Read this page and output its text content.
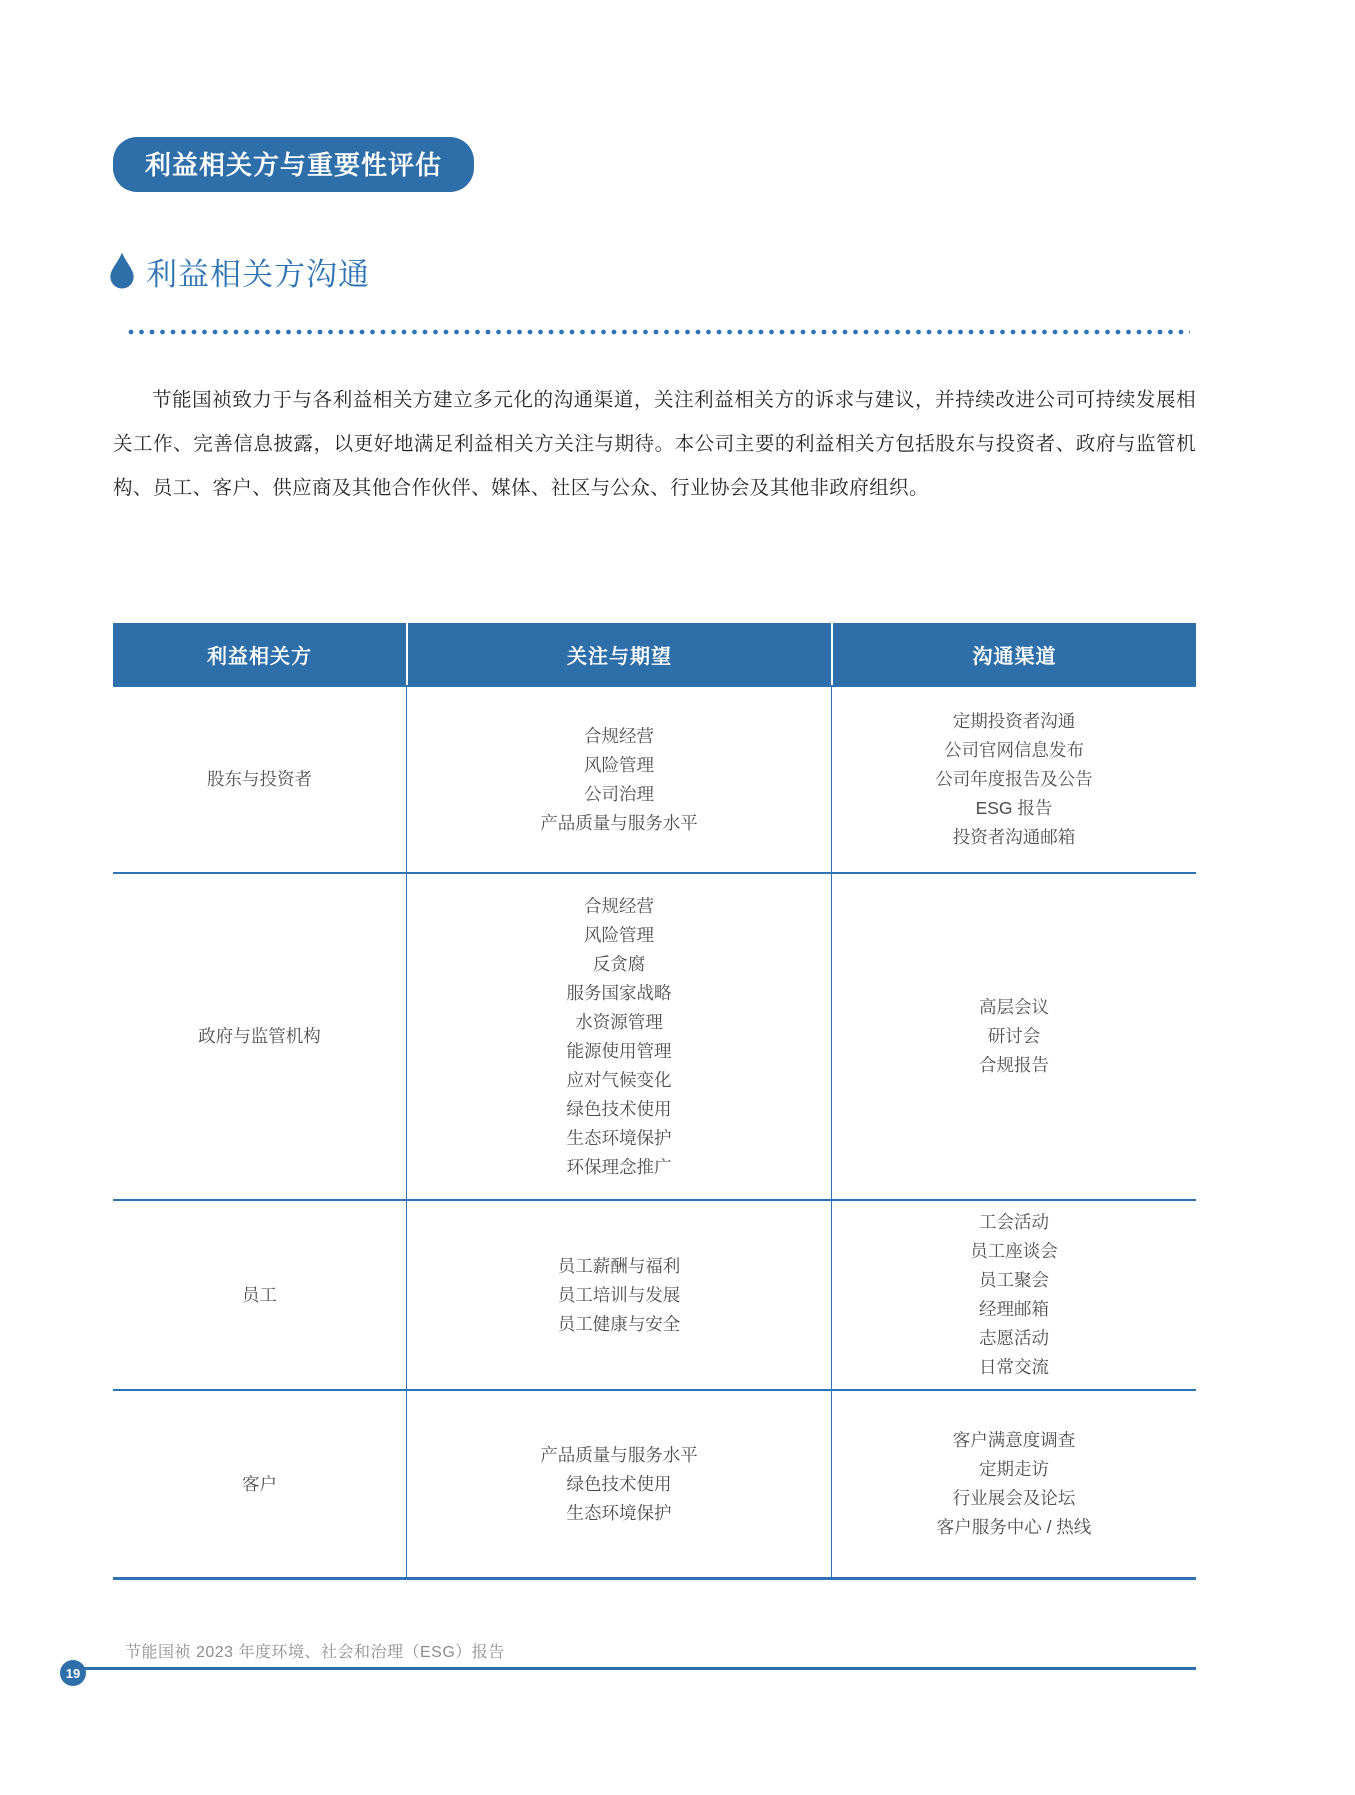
利益相关方与重要性评估
利益相关方沟通
节能国祯致力于与各利益相关方建立多元化的沟通渠道，关注利益相关方的诉求与建议，并持续改进公司可持续发展相关工作、完善信息披露，以更好地满足利益相关方关注与期待。本公司主要的利益相关方包括股东与投资者、政府与监管机构、员工、客户、供应商及其他合作伙伴、媒体、社区与公众、行业协会及其他非政府组织。
利益相关方	关注与期望	沟通渠道
股东与投资者
合规经营
风险管理
公司治理
产品质量与服务水平
定期投资者沟通
公司官网信息发布
公司年度报告及公告
ESG 报告
投资者沟通邮箱
政府与监管机构
合规经营
风险管理
反贪腐
服务国家战略
水资源管理
能源使用管理
应对气候变化
绿色技术使用
生态环境保护
环保理念推广
高层会议
研讨会
合规报告
员工
员工薪酬与福利
员工培训与发展
员工健康与安全
工会活动
员工座谈会
员工聚会
经理邮箱
志愿活动
日常交流
客户
产品质量与服务水平
绿色技术使用
生态环境保护
客户满意度调查
定期走访
行业展会及论坛
客户服务中心 / 热线
节能国祯 2023 年度环境、社会和治理（ESG）报告
19
